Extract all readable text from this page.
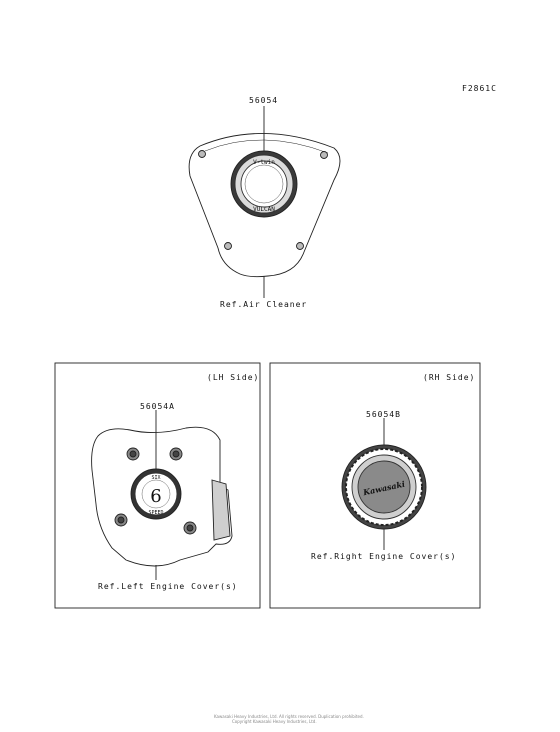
F2861C
56054
Ref.Air Cleaner
V-twin
VULCAN
SIX
6
SPEED
Kawasaki
(LH Side)
56054A
Ref.Left Engine Cover(s)
(RH Side)
56054B
Ref.Right Engine Cover(s)
Kawasaki Heavy Industries, Ltd. All rights reserved. Duplication prohibited.
Copyright Kawasaki Heavy Industries, Ltd.
